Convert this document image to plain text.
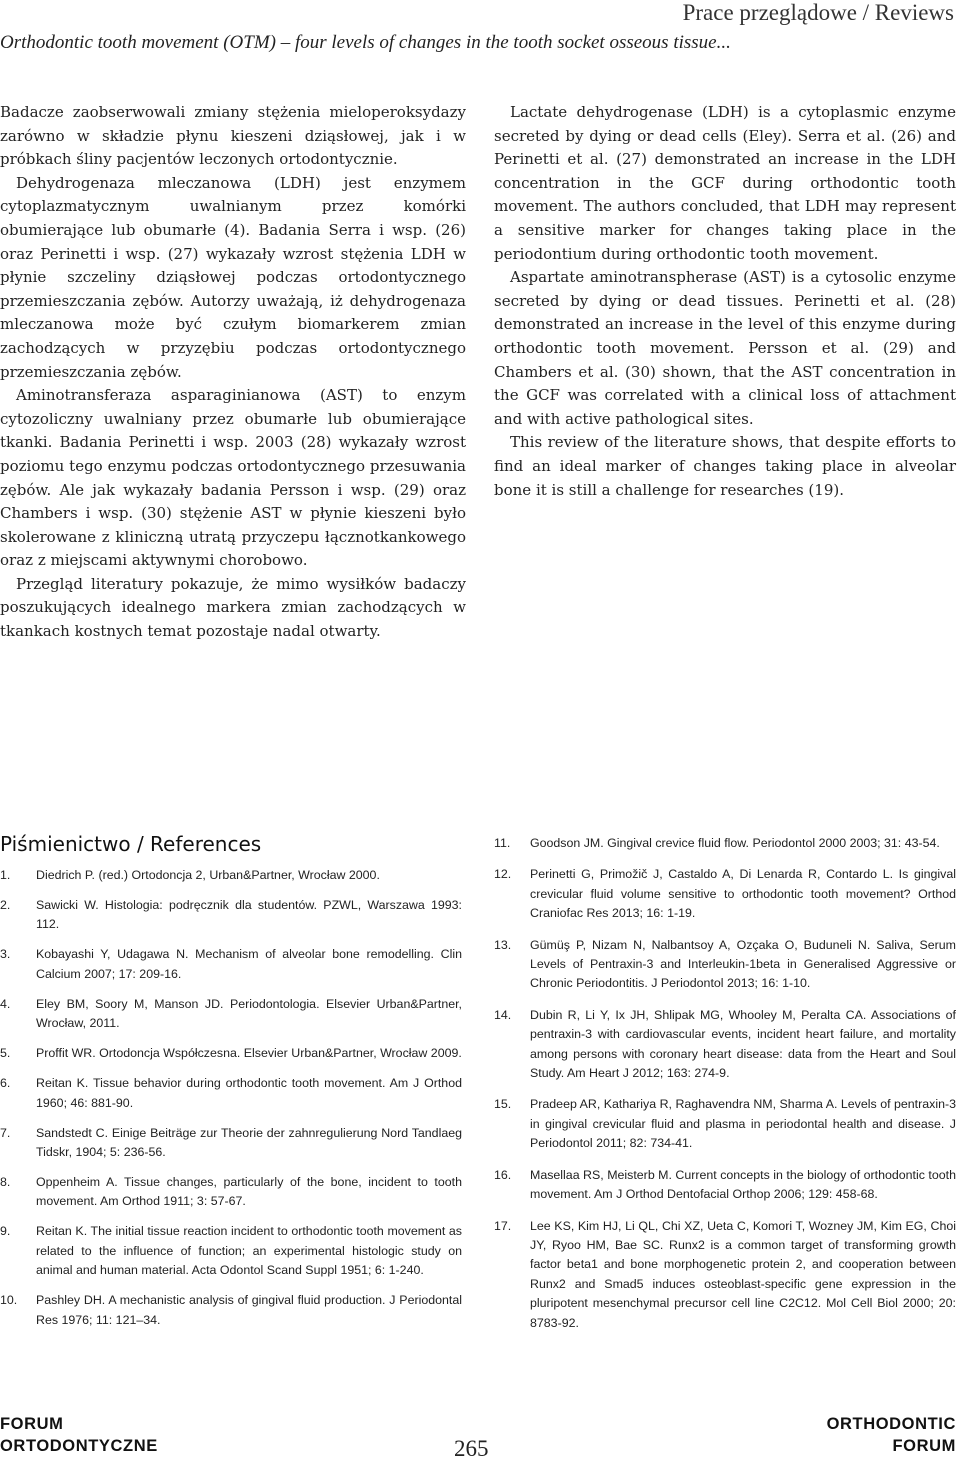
Prace przeglądowe / Reviews
Orthodontic tooth movement (OTM) – four levels of changes in the tooth socket osseous tissue...

Badacze zaobserwowali zmiany stężenia mieloperoksydazy zarówno w składzie płynu kieszeni dziąsłowej, jak i w próbkach śliny pacjentów leczonych ortodontycznie.

Dehydrogenaza mleczanowa (LDH) jest enzymem cytoplazmatycznym uwalnianym przez komórki obumierające lub obumarłe (4). Badania Serra i wsp. (26) oraz Perinetti i wsp. (27) wykazały wzrost stężenia LDH w płynie szczeliny dziąsłowej podczas ortodontycznego przemieszczania zębów. Autorzy uważają, iż dehydrogenaza mleczanowa może być czułym biomarkerem zmian zachodzących w przyzębiu podczas ortodontycznego przemieszczania zębów.

Aminotransferaza asparaginianowa (AST) to enzym cytozoliczny uwalniany przez obumarłe lub obumierające tkanki. Badania Perinetti i wsp. 2003 (28) wykazały wzrost poziomu tego enzymu podczas ortodontycznego przesuwania zębów. Ale jak wykazały badania Persson i wsp. (29) oraz Chambers i wsp. (30) stężenie AST w płynie kieszeni było skolerowane z kliniczną utratą przyczepu łącznotkankowego oraz z miejscami aktywnymi chorobowo.

Przegląd literatury pokazuje, że mimo wysiłków badaczy poszukujących idealnego markera zmian zachodzących w tkankach kostnych temat pozostaje nadal otwarty.

Lactate dehydrogenase (LDH) is a cytoplasmic enzyme secreted by dying or dead cells (Eley). Serra et al. (26) and Perinetti et al. (27) demonstrated an increase in the LDH concentration in the GCF during orthodontic tooth movement. The authors concluded, that LDH may represent a sensitive marker for changes taking place in the periodontium during orthodontic tooth movement.

Aspartate aminotranspherase (AST) is a cytosolic enzyme secreted by dying or dead tissues. Perinetti et al. (28) demonstrated an increase in the level of this enzyme during orthodontic tooth movement. Persson et al. (29) and Chambers et al. (30) shown, that the AST concentration in the GCF was correlated with a clinical loss of attachment and with active pathological sites.

This review of the literature shows, that despite efforts to find an ideal marker of changes taking place in alveolar bone it is still a challenge for researches (19).

Piśmienictwo / References
1. Diedrich P. (red.) Ortodoncja 2, Urban&Partner, Wrocław 2000.
2. Sawicki W. Histologia: podręcznik dla studentów. PZWL, Warszawa 1993: 112.
3. Kobayashi Y, Udagawa N. Mechanism of alveolar bone remodelling. Clin Calcium 2007; 17: 209-16.
4. Eley BM, Soory M, Manson JD. Periodontologia. Elsevier Urban&Partner, Wrocław, 2011.
5. Proffit WR. Ortodoncja Współczesna. Elsevier Urban&Partner, Wrocław 2009.
6. Reitan K. Tissue behavior during orthodontic tooth movement. Am J Orthod 1960; 46: 881-90.
7. Sandstedt C. Einige Beiträge zur Theorie der zahnregulierung Nord Tandlaeg Tidskr, 1904; 5: 236-56.
8. Oppenheim A. Tissue changes, particularly of the bone, incident to tooth movement. Am Orthod 1911; 3: 57-67.
9. Reitan K. The initial tissue reaction incident to orthodontic tooth movement as related to the influence of function; an experimental histologic study on animal and human material. Acta Odontol Scand Suppl 1951; 6: 1-240.
10. Pashley DH. A mechanistic analysis of gingival fluid production. J Periodontal Res 1976; 11: 121–34.
11. Goodson JM. Gingival crevice fluid flow. Periodontol 2000 2003; 31: 43-54.
12. Perinetti G, Primožič J, Castaldo A, Di Lenarda R, Contardo L. Is gingival crevicular fluid volume sensitive to orthodontic tooth movement? Orthod Craniofac Res 2013; 16: 1-19.
13. Gümüş P, Nizam N, Nalbantsoy A, Ozçaka O, Buduneli N. Saliva, Serum Levels of Pentraxin-3 and Interleukin-1beta in Generalised Aggressive or Chronic Periodontitis. J Periodontol 2013; 16: 1-10.
14. Dubin R, Li Y, Ix JH, Shlipak MG, Whooley M, Peralta CA. Associations of pentraxin-3 with cardiovascular events, incident heart failure, and mortality among persons with coronary heart disease: data from the Heart and Soul Study. Am Heart J 2012; 163: 274-9.
15. Pradeep AR, Kathariya R, Raghavendra NM, Sharma A. Levels of pentraxin-3 in gingival crevicular fluid and plasma in periodontal health and disease. J Periodontol 2011; 82: 734-41.
16. Masellaa RS, Meisterb M. Current concepts in the biology of orthodontic tooth movement. Am J Orthod Dentofacial Orthop 2006; 129: 458-68.
17. Lee KS, Kim HJ, Li QL, Chi XZ, Ueta C, Komori T, Wozney JM, Kim EG, Choi JY, Ryoo HM, Bae SC. Runx2 is a common target of transforming growth factor beta1 and bone morphogenetic protein 2, and cooperation between Runx2 and Smad5 induces osteoblast-specific gene expression in the pluripotent mesenchymal precursor cell line C2C12. Mol Cell Biol 2000; 20: 8783-92.
FORUM
ORTODONTYCZNE	265
ORTHODONTIC
FORUM
